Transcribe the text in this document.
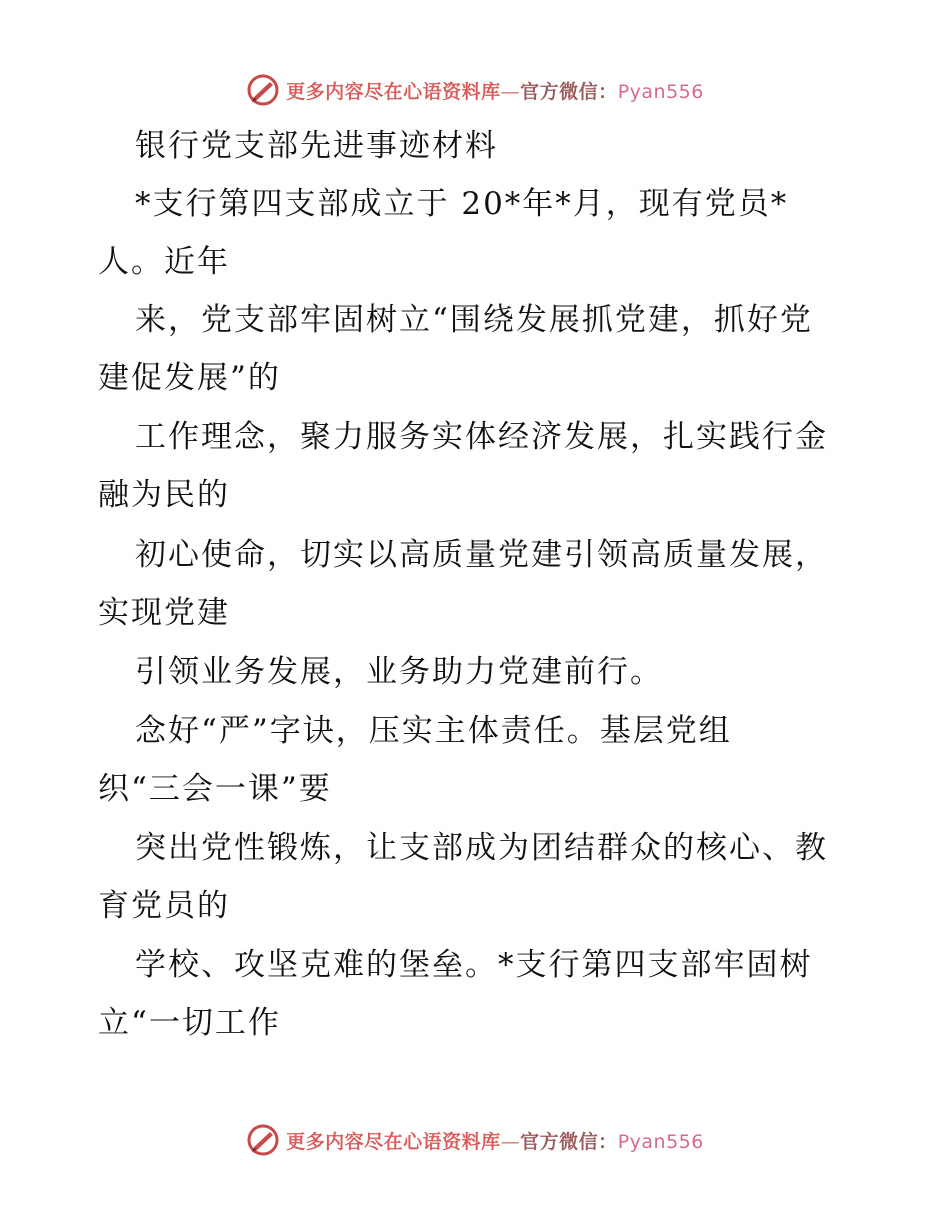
更多内容尽在心语资料库—官方微信：Pyan556
银行党支部先进事迹材料
*支行第四支部成立于 20*年*月，现有党员*
人。近年
来，党支部牢固树立“围绕发展抓党建，抓好党
建促发展”的
工作理念，聚力服务实体经济发展，扎实践行金
融为民的
初心使命，切实以高质量党建引领高质量发展，
实现党建
引领业务发展，业务助力党建前行。
念好“严”字诀，压实主体责任。基层党组
织“三会一课”要
突出党性锻炼，让支部成为团结群众的核心、教
育党员的
学校、攻坚克难的堡垒。*支行第四支部牢固树
立“一切工作
更多内容尽在心语资料库—官方微信：Pyan556
